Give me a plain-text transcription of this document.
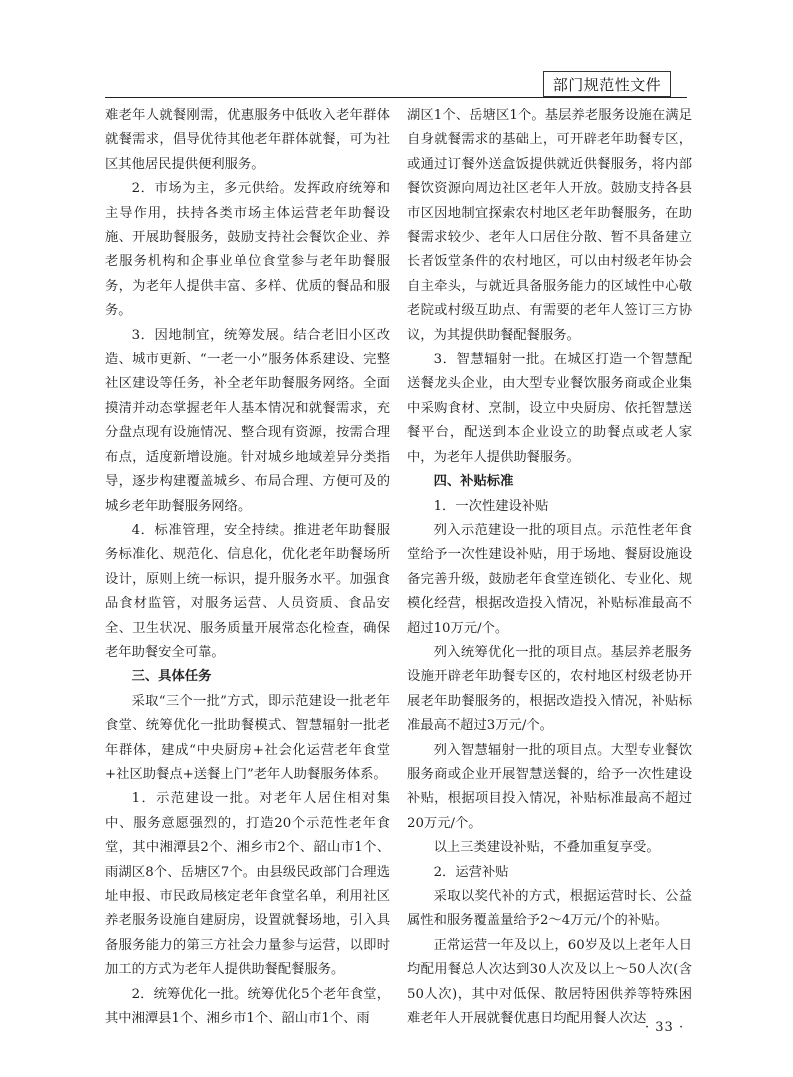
部门规范性文件

难老年人就餐刚需，优惠服务中低收入老年群体就餐需求，倡导优待其他老年群体就餐，可为社区其他居民提供便利服务。

2．市场为主，多元供给。发挥政府统筹和主导作用，扶持各类市场主体运营老年助餐设施、开展助餐服务，鼓励支持社会餐饮企业、养老服务机构和企事业单位食堂参与老年助餐服务，为老年人提供丰富、多样、优质的餐品和服务。

3．因地制宜，统筹发展。结合老旧小区改造、城市更新、“一老一小”服务体系建设、完整社区建设等任务，补全老年助餐服务网络。全面摸清并动态掌握老年人基本情况和就餐需求，充分盘点现有设施情况、整合现有资源，按需合理布点，适度新增设施。针对城乡地域差异分类指导，逐步构建覆盖城乡、布局合理、方便可及的城乡老年助餐服务网络。

4．标准管理，安全持续。推进老年助餐服务标准化、规范化、信息化，优化老年助餐场所设计，原则上统一标识，提升服务水平。加强食品食材监管，对服务运营、人员资质、食品安全、卫生状况、服务质量开展常态化检查，确保老年助餐安全可靠。

三、具体任务

采取“三个一批”方式，即示范建设一批老年食堂、统筹优化一批助餐模式、智慧辐射一批老年群体，建成“中央厨房+社会化运营老年食堂+社区助餐点+送餐上门”老年人助餐服务体系。

1．示范建设一批。对老年人居住相对集中、服务意愿强烈的，打造20个示范性老年食堂，其中湘潭县2个、湘乡市2个、韶山市1个、雨湖区8个、岳塘区7个。由县级民政部门合理选址申报、市民政局核定老年食堂名单，利用社区养老服务设施自建厨房，设置就餐场地，引入具备服务能力的第三方社会力量参与运营，以即时加工的方式为老年人提供助餐配餐服务。

2．统筹优化一批。统筹优化5个老年食堂，其中湘潭县1个、湘乡市1个、韶山市1个、雨

湖区1个、岳塘区1个。基层养老服务设施在满足自身就餐需求的基础上，可开辟老年助餐专区，或通过订餐外送盒饭提供就近供餐服务，将内部餐饮资源向周边社区老年人开放。鼓励支持各县市区因地制宜探索农村地区老年助餐服务，在助餐需求较少、老年人口居住分散、暂不具备建立长者饭堂条件的农村地区，可以由村级老年协会自主牵头，与就近具备服务能力的区域性中心敬老院或村级互助点、有需要的老年人签订三方协议，为其提供助餐配餐服务。

3．智慧辐射一批。在城区打造一个智慧配送餐龙头企业，由大型专业餐饮服务商或企业集中采购食材、烹制，设立中央厨房、依托智慧送餐平台，配送到本企业设立的助餐点或老人家中，为老年人提供助餐服务。

四、补贴标准

1．一次性建设补贴

列入示范建设一批的项目点。示范性老年食堂给予一次性建设补贴，用于场地、餐厨设施设备完善升级，鼓励老年食堂连锁化、专业化、规模化经营，根据改造投入情况，补贴标准最高不超过10万元/个。

列入统筹优化一批的项目点。基层养老服务设施开辟老年助餐专区的，农村地区村级老协开展老年助餐服务的，根据改造投入情况，补贴标准最高不超过3万元/个。

列入智慧辐射一批的项目点。大型专业餐饮服务商或企业开展智慧送餐的，给予一次性建设补贴，根据项目投入情况，补贴标准最高不超过20万元/个。

以上三类建设补贴，不叠加重复享受。

2．运营补贴

采取以奖代补的方式，根据运营时长、公益属性和服务覆盖量给予2～4万元/个的补贴。

正常运营一年及以上，60岁及以上老年人日均配用餐总人次达到30人次及以上～50人次(含50人次)，其中对低保、散居特困供养等特殊困难老年人开展就餐优惠日均配用餐人次达

· 33 ·
